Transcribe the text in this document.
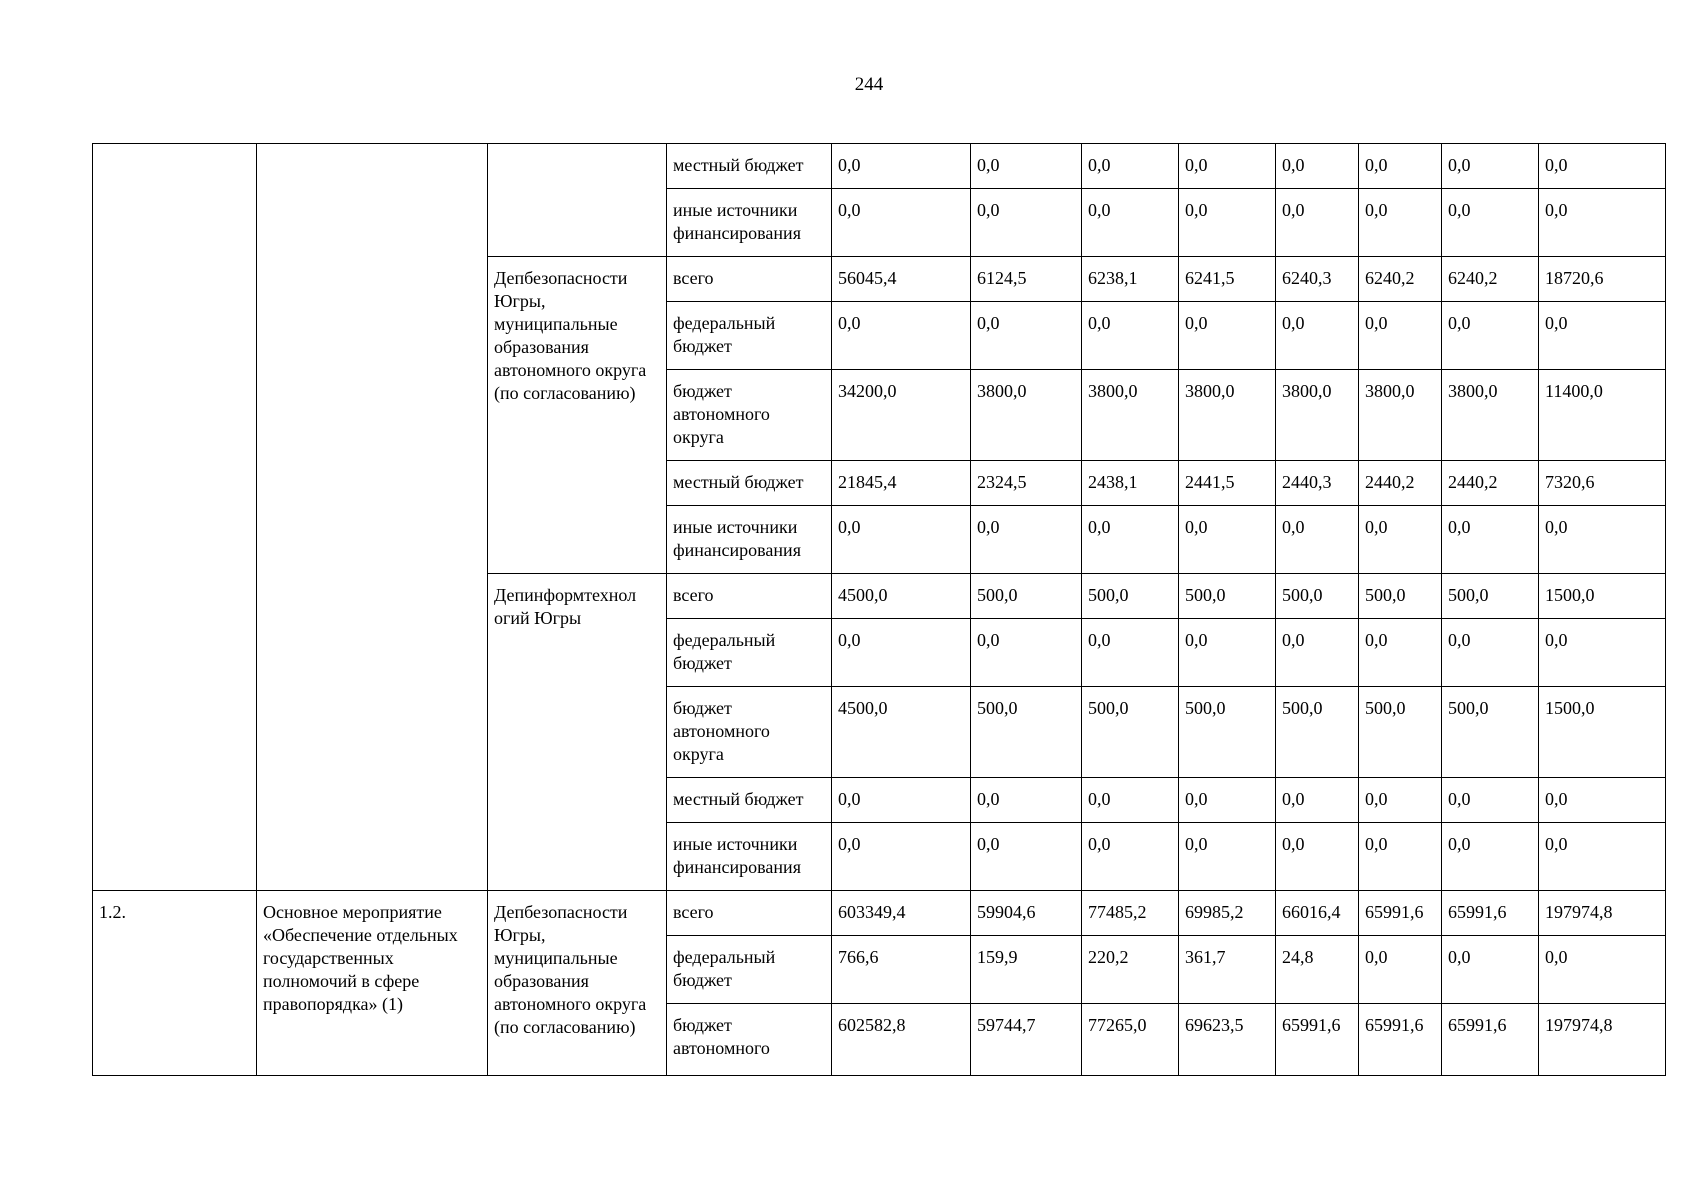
244
			местный бюджет	0,0	0,0	0,0	0,0	0,0	0,0	0,0	0,0
			иные источники финансирования	0,0	0,0	0,0	0,0	0,0	0,0	0,0	0,0
		Депбезопасности Югры, муниципальные образования автономного округа (по согласованию)	всего	56045,4	6124,5	6238,1	6241,5	6240,3	6240,2	6240,2	18720,6
			федеральный бюджет	0,0	0,0	0,0	0,0	0,0	0,0	0,0	0,0
			бюджет автономного округа	34200,0	3800,0	3800,0	3800,0	3800,0	3800,0	3800,0	11400,0
			местный бюджет	21845,4	2324,5	2438,1	2441,5	2440,3	2440,2	2440,2	7320,6
			иные источники финансирования	0,0	0,0	0,0	0,0	0,0	0,0	0,0	0,0
		Депинформтехнол огий Югры	всего	4500,0	500,0	500,0	500,0	500,0	500,0	500,0	1500,0
			федеральный бюджет	0,0	0,0	0,0	0,0	0,0	0,0	0,0	0,0
			бюджет автономного округа	4500,0	500,0	500,0	500,0	500,0	500,0	500,0	1500,0
			местный бюджет	0,0	0,0	0,0	0,0	0,0	0,0	0,0	0,0
			иные источники финансирования	0,0	0,0	0,0	0,0	0,0	0,0	0,0	0,0
1.2.	Основное мероприятие «Обеспечение отдельных государственных полномочий в сфере правопорядка» (1)	Депбезопасности Югры, муниципальные образования автономного округа (по согласованию)	всего	603349,4	59904,6	77485,2	69985,2	66016,4	65991,6	65991,6	197974,8
			федеральный бюджет	766,6	159,9	220,2	361,7	24,8	0,0	0,0	0,0
			бюджет автономного	602582,8	59744,7	77265,0	69623,5	65991,6	65991,6	65991,6	197974,8
